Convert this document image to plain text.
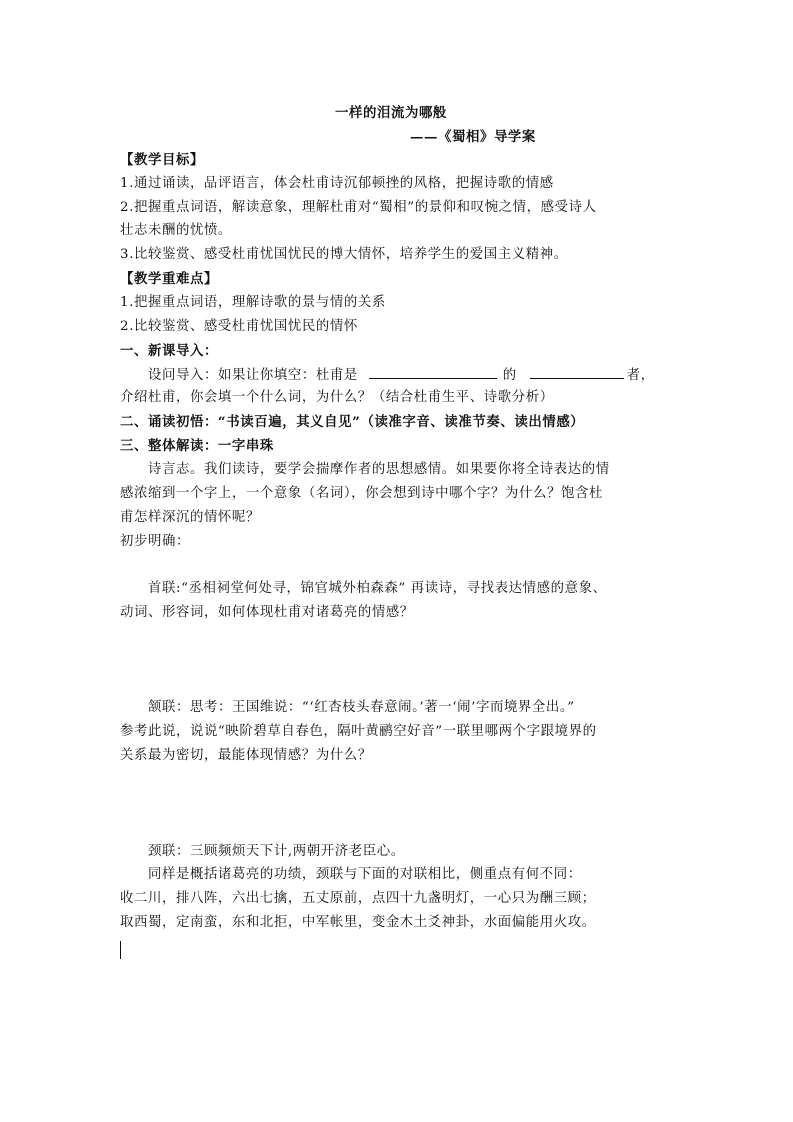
一样的泪流为哪般

——《蜀相》导学案

【教学目标】

1.通过诵读，品评语言，体会杜甫诗沉郁顿挫的风格，把握诗歌的情感

2.把握重点词语，解读意象，理解杜甫对“蜀相”的景仰和叹惋之情，感受诗人

壮志未酬的忧愤。

3.比较鉴赏、感受杜甫忧国忧民的博大情怀，培养学生的爱国主义精神。

【教学重难点】

1.把握重点词语，理解诗歌的景与情的关系

2.比较鉴赏、感受杜甫忧国忧民的情怀

一、新课导入：

设问导入：如果让你填空：杜甫是	的	者，

介绍杜甫，你会填一个什么词，为什么？（结合杜甫生平、诗歌分析）

二、诵读初悟：“书读百遍，其义自见”（读准字音、读准节奏、读出情感）

三、整体解读：一字串珠

诗言志。我们读诗，要学会揣摩作者的思想感情。如果要你将全诗表达的情

感浓缩到一个字上，一个意象（名词），你会想到诗中哪个字？为什么？饱含杜

甫怎样深沉的情怀呢？

初步明确：

首联:“丞相祠堂何处寻，锦官城外柏森森” 再读诗，寻找表达情感的意象、

动词、形容词，如何体现杜甫对诸葛亮的情感？

颔联：思考：王国维说：“‘红杏枝头春意闹。’著一‘闹’字而境界全出。”

参考此说，说说“映阶碧草自春色，隔叶黄鹂空好音”一联里哪两个字跟境界的

关系最为密切，最能体现情感？为什么？

颈联：三顾频烦天下计,两朝开济老臣心。

同样是概括诸葛亮的功绩，颈联与下面的对联相比，侧重点有何不同：

收二川，排八阵，六出七擒，五丈原前，点四十九盏明灯，一心只为酬三顾；

取西蜀，定南蛮，东和北拒，中军帐里，变金木土爻神卦，水面偏能用火攻。
